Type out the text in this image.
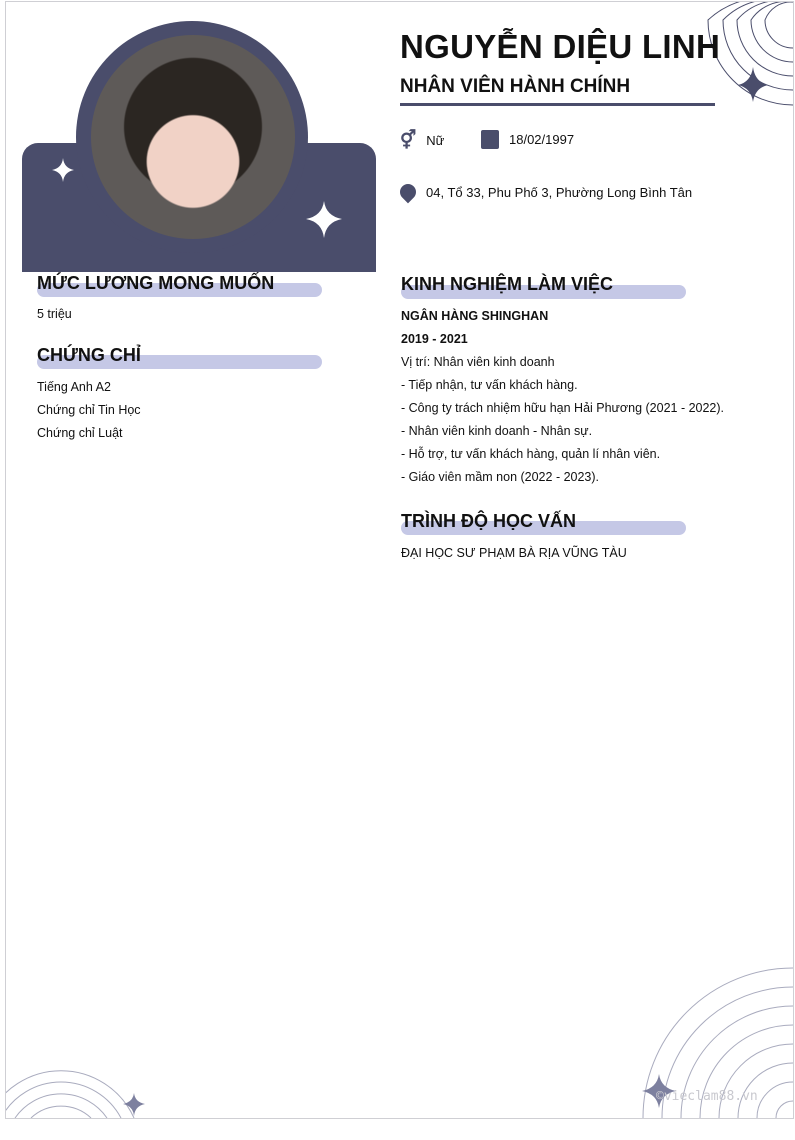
NGUYỄN DIỆU LINH
NHÂN VIÊN HÀNH CHÍNH
⚥ Nữ	18/02/1997
04, Tổ 33, Phu Phố 3, Phường Long Bình Tân
MỨC LƯƠNG MONG MUỐN
5 triệu
CHỨNG CHỈ
Tiếng Anh A2
Chứng chỉ Tin Học
Chứng chỉ Luật
KINH NGHIỆM LÀM VIỆC
NGÂN HÀNG SHINGHAN
2019 - 2021
Vị trí: Nhân viên kinh doanh
- Tiếp nhận, tư vấn khách hàng.
- Công ty trách nhiệm hữu hạn Hải Phương (2021 - 2022).
- Nhân viên kinh doanh - Nhân sự.
- Hỗ trợ, tư vấn khách hàng, quản lí nhân viên.
- Giáo viên mầm non (2022 - 2023).
TRÌNH ĐỘ HỌC VẤN
ĐẠI HỌC SƯ PHẠM BÀ RỊA VŨNG TÀU
©vieclam88.vn
